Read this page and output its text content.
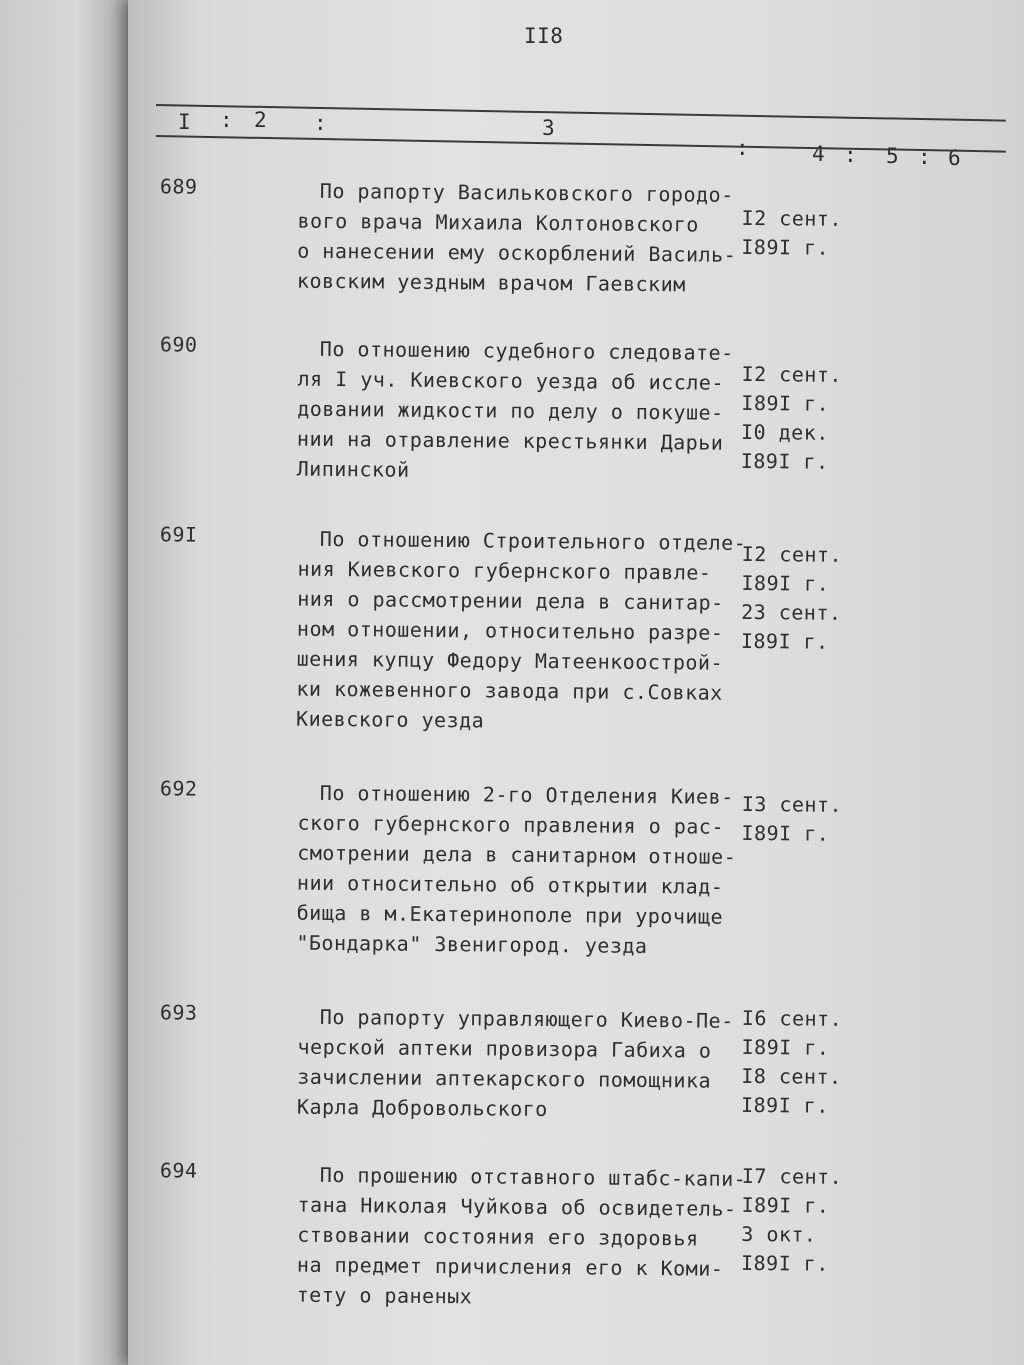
II8
I : 2 :	3
:	4 : 5 : 6
689	По рапорту Васильковского городо-
вого врача Михаила Колтоновского
о нанесении ему оскорблений Василь-
ковским уездным врачом Гаевским
I2 сент.
I89I г.
690	По отношению судебного следовате-
ля I уч. Киевского уезда об иссле-
довании жидкости по делу о покуше-
нии на отравление крестьянки Дарьи
Липинской
I2 сент.
I89I г.
I0 дек.
I89I г.
69I	По отношению Строительного отделе-
ния Киевского губернского правле-
ния о рассмотрении дела в санитар-
ном отношении, относительно разре-
шения купцу Федору Матеенкоострой-
ки кожевенного завода при с.Совках
Киевского уезда
I2 сент.
I89I г.
23 сент.
I89I г.
692	По отношению 2-го Отделения Киев-
ского губернского правления о рас-
смотрении дела в санитарном отноше-
нии относительно об открытии клад-
бища в м.Екатеринополе при урочище
"Бондарка" Звенигород. уезда
I3 сент.
I89I г.
693	По рапорту управляющего Киево-Пе-
черской аптеки провизора Габиха о
зачислении аптекарского помощника
Карла Добровольского
I6 сент.
I89I г.
I8 сент.
I89I г.
694	По прошению отставного штабс-капи-
тана Николая Чуйкова об освидетель-
ствовании состояния его здоровья
на предмет причисления его к Коми-
тету о раненых
I7 сент.
I89I г.
3 окт.
I89I г.
